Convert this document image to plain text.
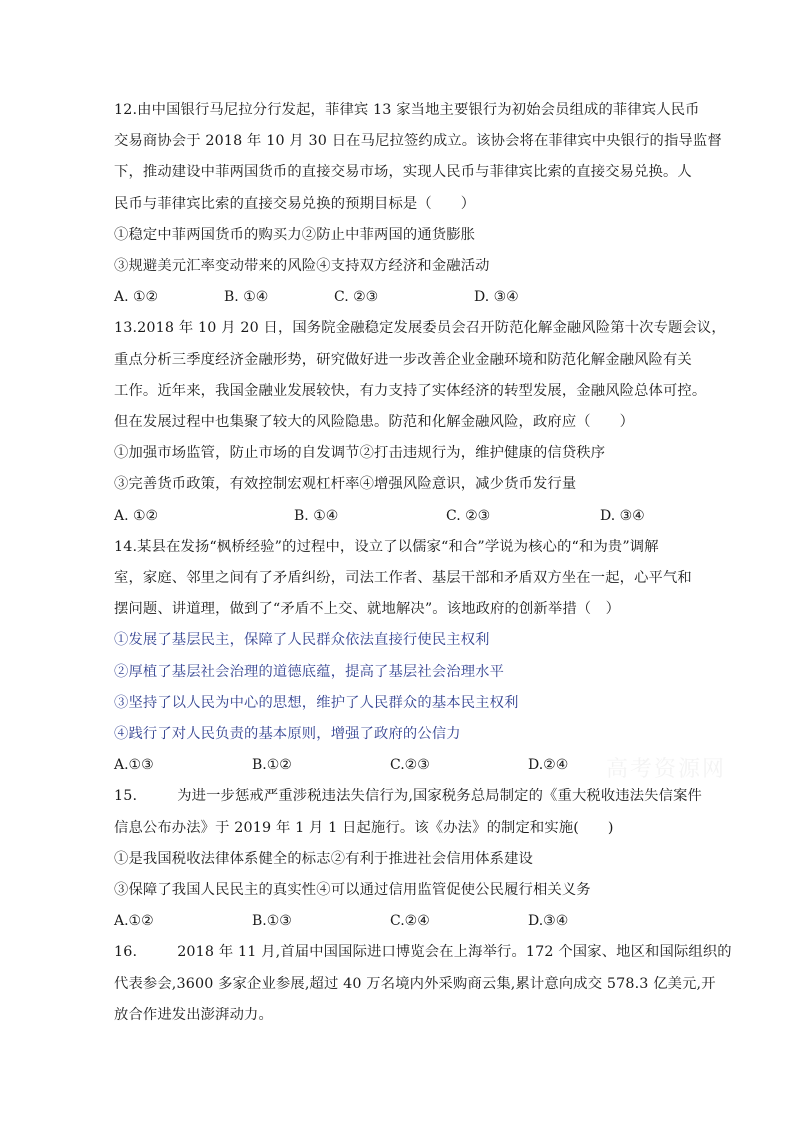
高考资源网
12.由中国银行马尼拉分行发起，菲律宾 13 家当地主要银行为初始会员组成的菲律宾人民币
交易商协会于 2018 年 10 月 30 日在马尼拉签约成立。该协会将在菲律宾中央银行的指导监督
下，推动建设中菲两国货币的直接交易市场，实现人民币与菲律宾比索的直接交易兑换。人
民币与菲律宾比索的直接交易兑换的预期目标是（　　）
①稳定中菲两国货币的购买力②防止中菲两国的通货膨胀
③规避美元汇率变动带来的风险④支持双方经济和金融活动
A. ①②	B. ①④	C. ②③	D. ③④
13.2018 年 10 月 20 日，国务院金融稳定发展委员会召开防范化解金融风险第十次专题会议，
重点分析三季度经济金融形势，研究做好进一步改善企业金融环境和防范化解金融风险有关
工作。近年来，我国金融业发展较快，有力支持了实体经济的转型发展，金融风险总体可控。
但在发展过程中也集聚了较大的风险隐患。防范和化解金融风险，政府应（　　）
①加强市场监管，防止市场的自发调节②打击违规行为，维护健康的信贷秩序
③完善货币政策，有效控制宏观杠杆率④增强风险意识，减少货币发行量
A. ①②	B. ①④	C. ②③	D. ③④
14.某县在发扬“枫桥经验”的过程中，设立了以儒家“和合”学说为核心的“和为贵”调解
室，家庭、邻里之间有了矛盾纠纷，司法工作者、基层干部和矛盾双方坐在一起，心平气和
摆问题、讲道理，做到了“矛盾不上交、就地解决”。该地政府的创新举措（　）
①发展了基层民主，保障了人民群众依法直接行使民主权利
②厚植了基层社会治理的道德底蕴，提高了基层社会治理水平
③坚持了以人民为中心的思想，维护了人民群众的基本民主权利
④践行了对人民负责的基本原则，增强了政府的公信力
A.①③	B.①②	C.②③	D.②④
15.	为进一步惩戒严重涉税违法失信行为,国家税务总局制定的《重大税收违法失信案件
信息公布办法》于 2019 年 1 月 1 日起施行。该《办法》的制定和实施(　　)
①是我国税收法律体系健全的标志②有利于推进社会信用体系建设
③保障了我国人民民主的真实性④可以通过信用监管促使公民履行相关义务
A.①②	B.①③	C.②④	D.③④
16.	2018 年 11 月,首届中国国际进口博览会在上海举行。172 个国家、地区和国际组织的
代表参会,3600 多家企业参展,超过 40 万名境内外采购商云集,累计意向成交 578.3 亿美元,开
放合作进发出澎湃动力。
